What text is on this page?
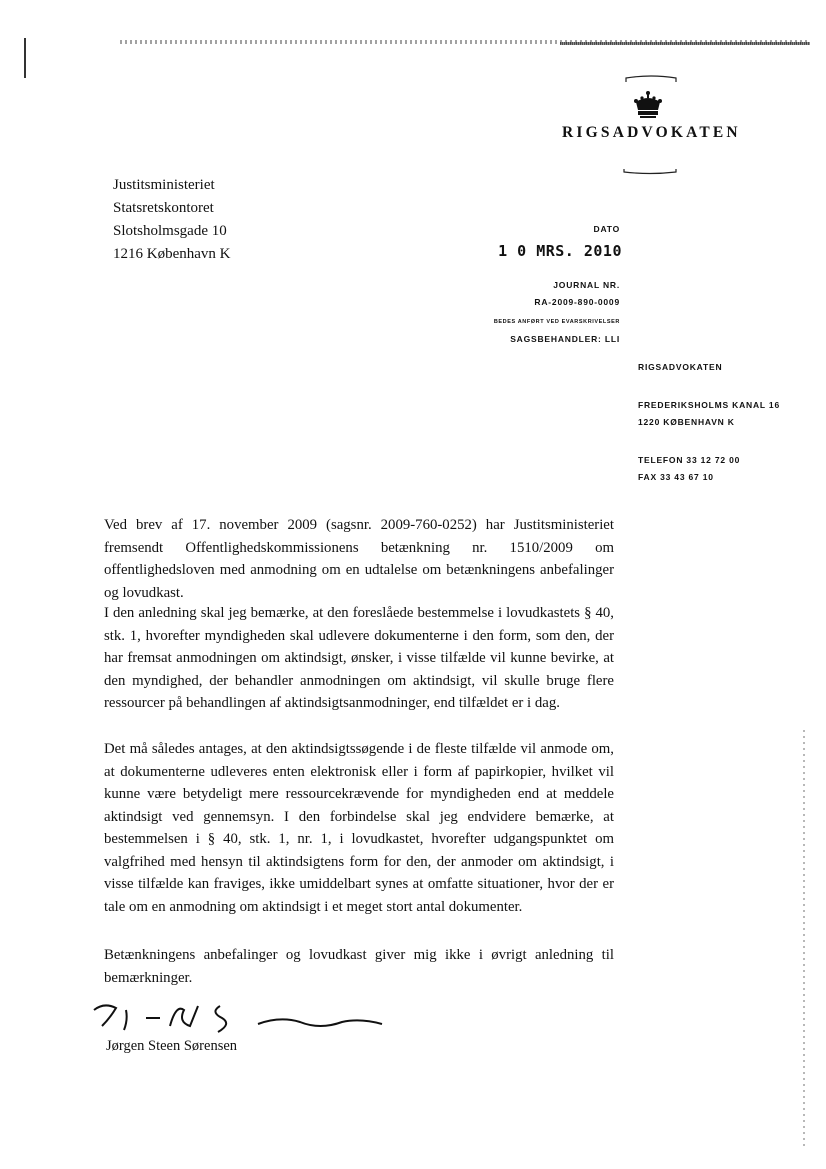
RIGSADVOKATEN
Justitsministeriet
Statsretskontoret
Slotsholmsgade 10
1216 København K
DATO
1 0 MRS. 2010
JOURNAL NR.
RA-2009-890-0009
BEDES ANFØRT VED EVARSKRIVELSER
SAGSBEHANDLER: LLI
RIGSADVOKATEN
FREDERIKSHOLMS KANAL 16
1220 KØBENHAVN K
TELEFON 33 12 72 00
FAX 33 43 67 10
Ved brev af 17. november 2009 (sagsnr. 2009-760-0252) har Justitsministeriet fremsendt Offentlighedskommissionens betænkning nr. 1510/2009 om offentlighedsloven med anmodning om en udtalelse om betænkningens anbefalinger og lovudkast.
I den anledning skal jeg bemærke, at den foreslåede bestemmelse i lovudkastets § 40, stk. 1, hvorefter myndigheden skal udlevere dokumenterne i den form, som den, der har fremsat anmodningen om aktindsigt, ønsker, i visse tilfælde vil kunne bevirke, at den myndighed, der behandler anmodningen om aktindsigt, vil skulle bruge flere ressourcer på behandlingen af aktindsigtsanmodninger, end tilfældet er i dag.
Det må således antages, at den aktindsigtssøgende i de fleste tilfælde vil anmode om, at dokumenterne udleveres enten elektronisk eller i form af papirkopier, hvilket vil kunne være betydeligt mere ressourcekrævende for myndigheden end at meddele aktindsigt ved gennemsyn. I den forbindelse skal jeg endvidere bemærke, at bestemmelsen i § 40, stk. 1, nr. 1, i lovudkastet, hvorefter udgangspunktet om valgfrihed med hensyn til aktindsigtens form for den, der anmoder om aktindsigt, i visse tilfælde kan fraviges, ikke umiddelbart synes at omfatte situationer, hvor der er tale om en anmodning om aktindsigt i et meget stort antal dokumenter.
Betænkningens anbefalinger og lovudkast giver mig ikke i øvrigt anledning til bemærkninger.
Jørgen Steen Sørensen
